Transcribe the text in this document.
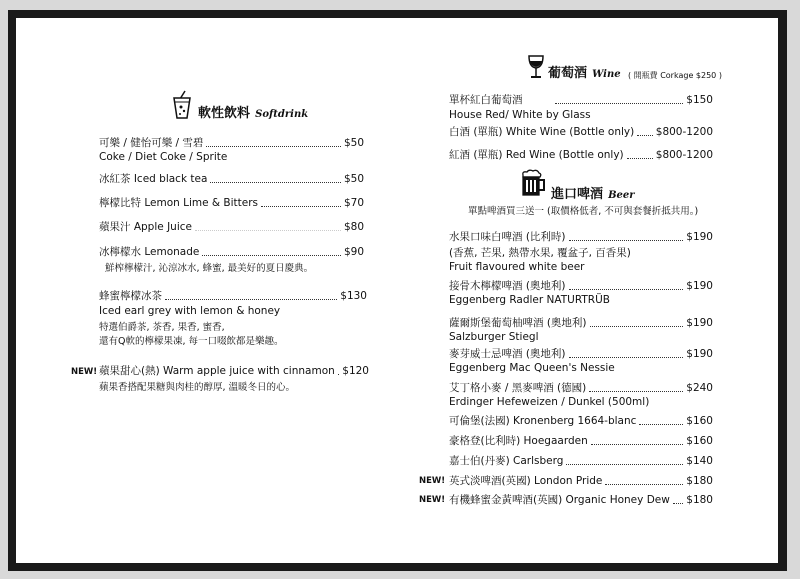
軟性飲料 Softdrink
可樂 / 健怡可樂 / 雪碧	$50
Coke / Diet Coke / Sprite
冰紅茶 Iced black tea	$50
檸檬比特 Lemon Lime & Bitters	$70
蘋果汁 Apple Juice	$80
冰檸檬水 Lemonade	$90
鮮榨檸檬汁, 沁涼冰水, 蜂蜜, 最美好的夏日慶典。
蜂蜜檸檬冰茶	$130
Iced earl grey with lemon & honey
特選伯爵茶, 茶香, 果香, 蜜香,
還有Q軟的檸檬果凍, 每一口啜飲都是樂趣。
NEW! 蘋果甜心(熱) Warm apple juice with cinnamon $120
蘋果香搭配果糖與肉桂的醇厚, 溫暖冬日的心。
葡萄酒 Wine ( 開瓶費 Corkage $250 )
單杯紅白葡萄酒	$150
House Red/ White by Glass
白酒 (單瓶) White Wine (Bottle only) $800-1200
紅酒 (單瓶) Red Wine (Bottle only)	$800-1200
進口啤酒 Beer
單點啤酒買三送一 (取價格低者, 不可與套餐折抵共用。)
水果口味白啤酒 (比利時)	$190
(香蕉, 芒果, 熱帶水果, 覆盆子, 百香果)
Fruit flavoured white beer
接骨木檸檬啤酒 (奧地利)	$190
Eggenberg Radler NATURTRÜB
薩爾斯堡葡萄柚啤酒 (奧地利)	$190
Salzburger Stiegl
麥芽威士忌啤酒 (奧地利)	$190
Eggenberg Mac Queen's Nessie
艾丁格小麥 / 黑麥啤酒 (德國)	$240
Erdinger Hefeweizen / Dunkel (500ml)
可倫堡(法國) Kronenberg 1664-blanc	$160
豪格登(比利時) Hoegaarden	$160
嘉士伯(丹麥) Carlsberg	$140
NEW! 英式淡啤酒(英國) London Pride	$180
NEW! 有機蜂蜜金黃啤酒(英國) Organic Honey Dew $180
